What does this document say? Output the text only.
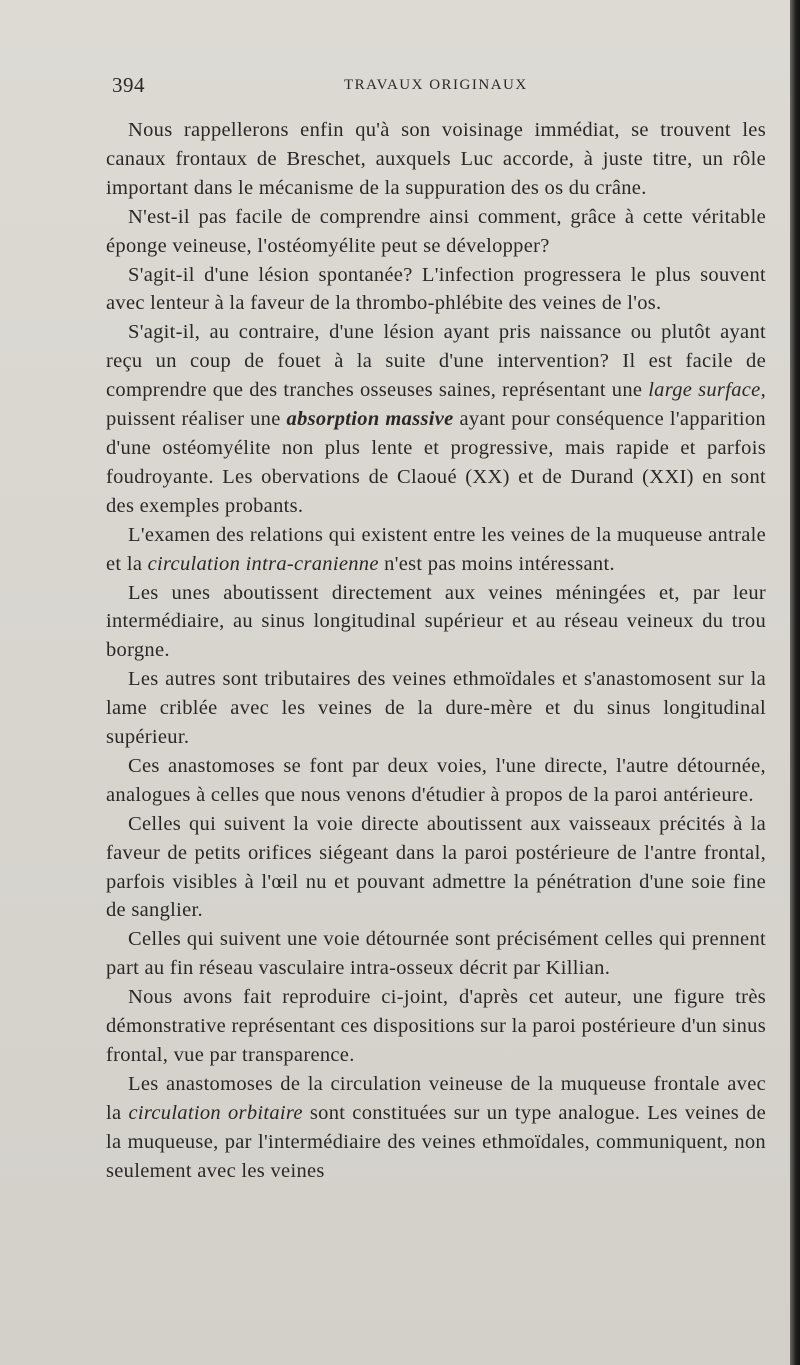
394	TRAVAUX ORIGINAUX

Nous rappellerons enfin qu'à son voisinage immédiat, se trouvent les canaux frontaux de Breschet, auxquels Luc accorde, à juste titre, un rôle important dans le mécanisme de la suppuration des os du crâne.

N'est-il pas facile de comprendre ainsi comment, grâce à cette véritable éponge veineuse, l'ostéomyélite peut se développer?

S'agit-il d'une lésion spontanée? L'infection progressera le plus souvent avec lenteur à la faveur de la thrombo-phlébite des veines de l'os.

S'agit-il, au contraire, d'une lésion ayant pris naissance ou plutôt ayant reçu un coup de fouet à la suite d'une intervention? Il est facile de comprendre que des tranches osseuses saines, représentant une large surface, puissent réaliser une absorption massive ayant pour conséquence l'apparition d'une ostéomyélite non plus lente et progressive, mais rapide et parfois foudroyante. Les obervations de Claoué (XX) et de Durand (XXI) en sont des exemples probants.

L'examen des relations qui existent entre les veines de la muqueuse antrale et la circulation intra-cranienne n'est pas moins intéressant.

Les unes aboutissent directement aux veines méningées et, par leur intermédiaire, au sinus longitudinal supérieur et au réseau veineux du trou borgne.

Les autres sont tributaires des veines ethmoïdales et s'anastomosent sur la lame criblée avec les veines de la dure-mère et du sinus longitudinal supérieur.

Ces anastomoses se font par deux voies, l'une directe, l'autre détournée, analogues à celles que nous venons d'étudier à propos de la paroi antérieure.

Celles qui suivent la voie directe aboutissent aux vaisseaux précités à la faveur de petits orifices siégeant dans la paroi postérieure de l'antre frontal, parfois visibles à l'œil nu et pouvant admettre la pénétration d'une soie fine de sanglier.

Celles qui suivent une voie détournée sont précisément celles qui prennent part au fin réseau vasculaire intra-osseux décrit par Killian.

Nous avons fait reproduire ci-joint, d'après cet auteur, une figure très démonstrative représentant ces dispositions sur la paroi postérieure d'un sinus frontal, vue par transparence.

Les anastomoses de la circulation veineuse de la muqueuse frontale avec la circulation orbitaire sont constituées sur un type analogue. Les veines de la muqueuse, par l'intermédiaire des veines ethmoïdales, communiquent, non seulement avec les veines
